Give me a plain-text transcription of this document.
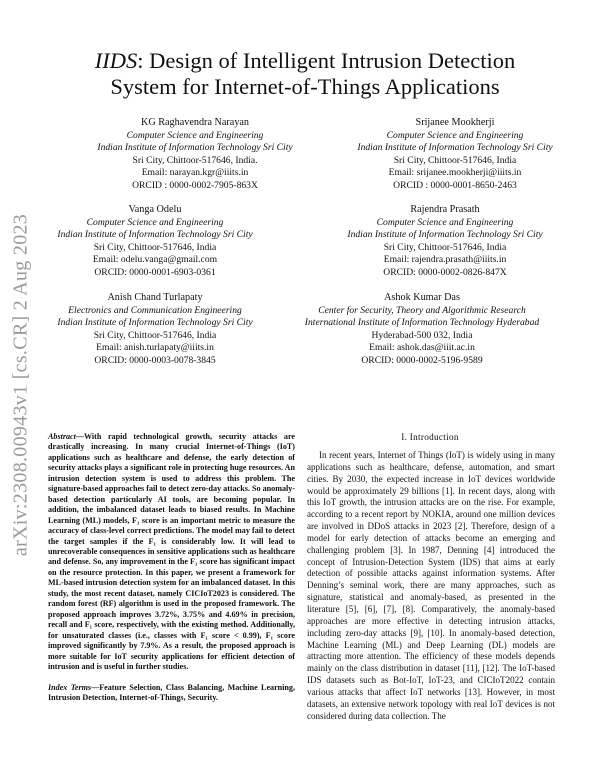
arXiv:2308.00943v1 [cs.CR] 2 Aug 2023
IIDS: Design of Intelligent Intrusion Detection
System for Internet-of-Things Applications
KG Raghavendra Narayan
Computer Science and Engineering
Indian Institute of Information Technology Sri City
Sri City, Chittoor-517646, India.
Email: narayan.kgr@iiits.in
ORCID : 0000-0002-7905-863X
Srijanee Mookherji
Computer Science and Engineering
Indian Institute of Information Technology Sri City
Sri City, Chittoor-517646, India
Email: srijanee.mookherji@iiits.in
ORCID : 0000-0001-8650-2463
Vanga Odelu
Computer Science and Engineering
Indian Institute of Information Technology Sri City
Sri City, Chittoor-517646, India
Email: odelu.vanga@gmail.com
ORCID: 0000-0001-6903-0361
Rajendra Prasath
Computer Science and Engineering
Indian Institute of Information Technology Sri City
Sri City, Chittoor-517646, India
Email: rajendra.prasath@iiits.in
ORCID: 0000-0002-0826-847X
Anish Chand Turlapaty
Electronics and Communication Engineering
Indian Institute of Information Technology Sri City
Sri City, Chittoor-517646, India
Email: anish.turlapaty@iiits.in
ORCID: 0000-0003-0078-3845
Ashok Kumar Das
Center for Security, Theory and Algorithmic Research
International Institute of Information Technology Hyderabad
Hyderabad-500 032, India
Email: ashok.das@iiit.ac.in
ORCID: 0000-0002-5196-9589
Abstract—With rapid technological growth, security attacks are drastically increasing. In many crucial Internet-of-Things (IoT) applications such as healthcare and defense, the early detection of security attacks plays a significant role in protecting huge resources. An intrusion detection system is used to address this problem. The signature-based approaches fail to detect zero-day attacks. So anomaly-based detection particularly AI tools, are becoming popular. In addition, the imbalanced dataset leads to biased results. In Machine Learning (ML) models, F₁ score is an important metric to measure the accuracy of class-level correct predictions. The model may fail to detect the target samples if the F₁ is considerably low. It will lead to unrecoverable consequences in sensitive applications such as healthcare and defense. So, any improvement in the F₁ score has significant impact on the resource protection. In this paper, we present a framework for ML-based intrusion detection system for an imbalanced dataset. In this study, the most recent dataset, namely CICIoT2023 is considered. The random forest (RF) algorithm is used in the proposed framework. The proposed approach improves 3.72%, 3.75% and 4.69% in precision, recall and F₁ score, respectively, with the existing method. Additionally, for unsaturated classes (i.e., classes with F₁ score < 0.99), F₁ score improved significantly by 7.9%. As a result, the proposed approach is more suitable for IoT security applications for efficient detection of intrusion and is useful in further studies.
Index Terms—Feature Selection, Class Balancing, Machine Learning, Intrusion Detection, Internet-of-Things, Security.
I. Introduction
In recent years, Internet of Things (IoT) is widely using in many applications such as healthcare, defense, automation, and smart cities. By 2030, the expected increase in IoT devices worldwide would be approximately 29 billions [1]. In recent days, along with this IoT growth, the intrusion attacks are on the rise. For example, according to a recent report by NOKIA, around one million devices are involved in DDoS attacks in 2023 [2]. Therefore, design of a model for early detection of attacks become an emerging and challenging problem [3]. In 1987, Denning [4] introduced the concept of Intrusion-Detection System (IDS) that aims at early detection of possible attacks against information systems. After Denning’s seminal work, there are many approaches, such as signature, statistical and anomaly-based, as presented in the literature [5], [6], [7], [8]. Comparatively, the anomaly-based approaches are more effective in detecting intrusion attacks, including zero-day attacks [9], [10]. In anomaly-based detection, Machine Learning (ML) and Deep Learning (DL) models are attracting more attention. The efficiency of these models depends mainly on the class distribution in dataset [11], [12]. The IoT-based IDS datasets such as Bot-IoT, IoT-23, and CICIoT2022 contain various attacks that affect IoT networks [13]. However, in most datasets, an extensive network topology with real IoT devices is not considered during data collection. The
